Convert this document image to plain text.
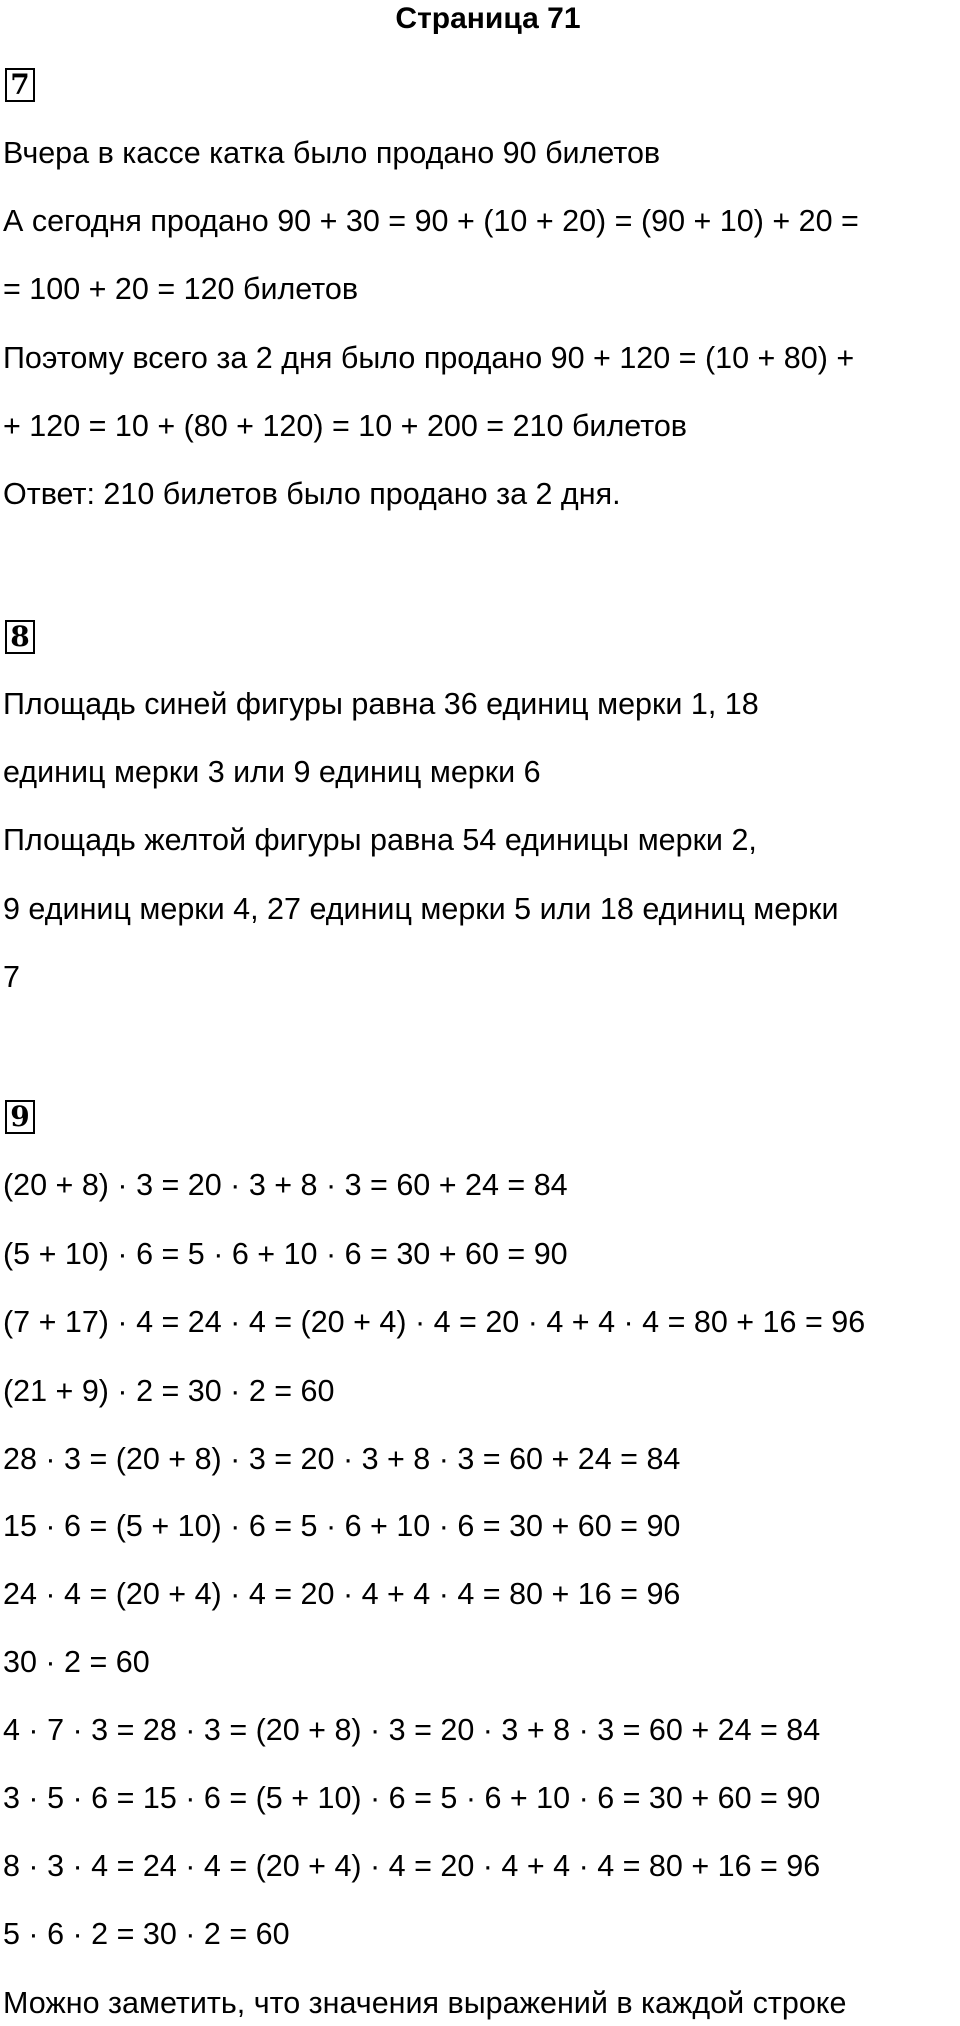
Страница 71
7
Вчера в кассе катка было продано 90 билетов
А сегодня продано 90 + 30 = 90 + (10 + 20) = (90 + 10) + 20 =
= 100 + 20 = 120 билетов
Поэтому всего за 2 дня было продано 90 + 120 = (10 + 80) +
+ 120 = 10 + (80 + 120) = 10 + 200 = 210 билетов
Ответ: 210 билетов было продано за 2 дня.
8
Площадь синей фигуры равна 36 единиц мерки 1, 18
единиц мерки 3 или 9 единиц мерки 6
Площадь желтой фигуры равна 54 единицы мерки 2,
9 единиц мерки 4, 27 единиц мерки 5 или 18 единиц мерки
7
9
(20 + 8) · 3 = 20 · 3 + 8 · 3 = 60 + 24 = 84
(5 + 10) · 6 = 5 · 6 + 10 · 6 = 30 + 60 = 90
(7 + 17) · 4 = 24 · 4 = (20 + 4) · 4 = 20 · 4 + 4 · 4 = 80 + 16 = 96
(21 + 9) · 2 = 30 · 2 = 60
28 · 3 = (20 + 8) · 3 = 20 · 3 + 8 · 3 = 60 + 24 = 84
15 · 6 = (5 + 10) · 6 = 5 · 6 + 10 · 6 = 30 + 60 = 90
24 · 4 = (20 + 4) · 4 = 20 · 4 + 4 · 4 = 80 + 16 = 96
30 · 2 = 60
4 · 7 · 3 = 28 · 3 = (20 + 8) · 3 = 20 · 3 + 8 · 3 = 60 + 24 = 84
3 · 5 · 6 = 15 · 6 = (5 + 10) · 6 = 5 · 6 + 10 · 6 = 30 + 60 = 90
8 · 3 · 4 = 24 · 4 = (20 + 4) · 4 = 20 · 4 + 4 · 4 = 80 + 16 = 96
5 · 6 · 2 = 30 · 2 = 60
Можно заметить, что значения выражений в каждой строке
